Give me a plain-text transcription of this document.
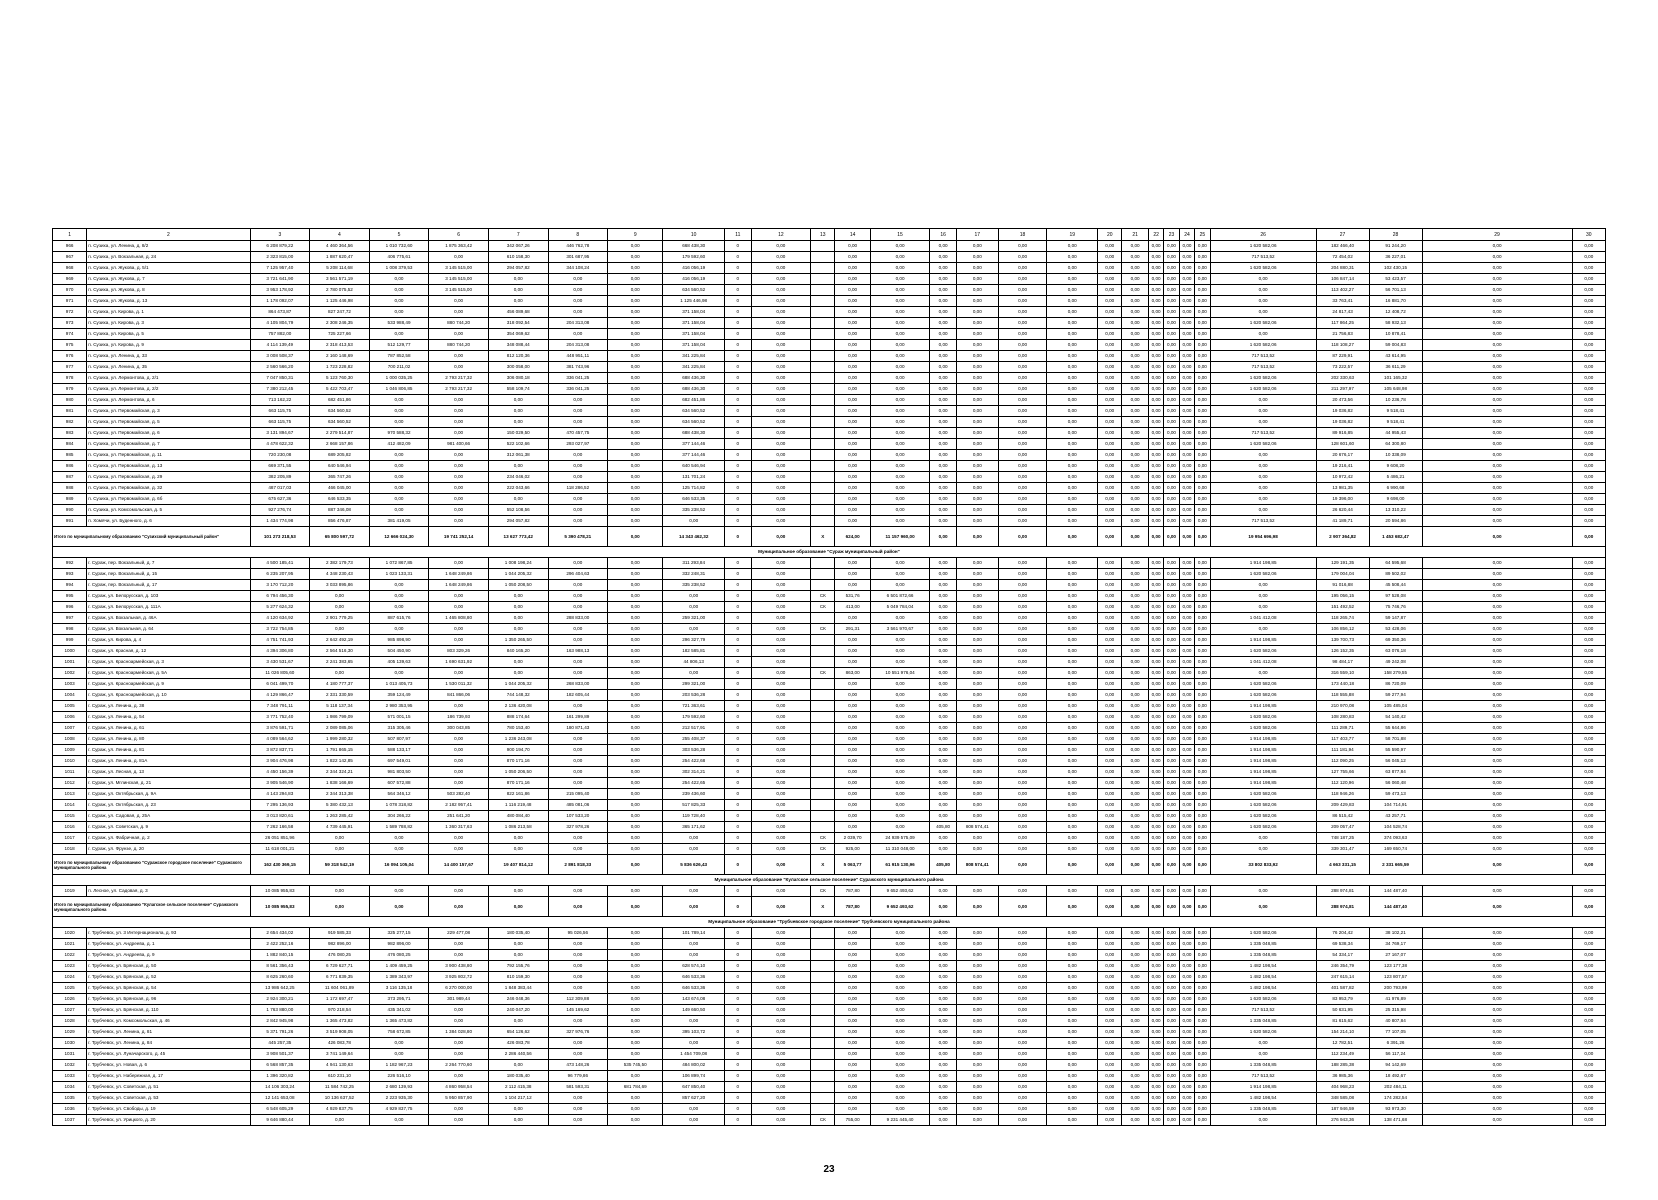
1	2	3	4	5	6	7	8	9	10	11	12	13	14	15	16	17	18	19	20	21	22	23	24	25	26	27	28	29	30
966	п. Сузиха, ул. Ленина, д. 8/2	6 208 879,22	4 460 364,56	1 010 732,60	1 875 363,42	342 067,26	446 762,78	0,00	668 438,30	0	0,00		0,00	0,00	0,00	0,00	0,00	0,00	0,00	0,00	0,00	0,00	0,00	0,00	1 620 582,06	182 466,40	91 244,20	0,00	0,00
967	п. Сузиха, ул. Вокзальная, д. 24	2 323 815,00	1 887 620,47	406 775,61	0,00	610 158,30	301 687,95	0,00	179 592,60	0	0,00		0,00	0,00	0,00	0,00	0,00	0,00	0,00	0,00	0,00	0,00	0,00	0,00	717 513,52	72 454,02	36 227,01	0,00	0,00
968	п. Сузиха, ул. Жукова, д. 5/1	7 125 957,40	5 208 114,68	1 008 379,53	3 145 515,00	294 057,82	344 108,24	0,00	416 056,19	0	0,00		0,00	0,00	0,00	0,00	0,00	0,00	0,00	0,00	0,00	0,00	0,00	0,00	1 620 582,06	204 880,31	102 430,15	0,00	0,00
969	п. Сузиха, ул. Жукова, д. 7	3 721 641,90	3 561 571,19	0,00	3 145 515,00	0,00	0,00	0,00	416 056,19	0	0,00		0,00	0,00	0,00	0,00	0,00	0,00	0,00	0,00	0,00	0,00	0,00	0,00	0,00	106 847,14	53 423,57	0,00	0,00
970	п. Сузиха, ул. Жукова, д. 8	3 953 178,92	2 780 075,52	0,00	3 145 515,00	0,00	0,00	0,00	634 560,52	0	0,00		0,00	0,00	0,00	0,00	0,00	0,00	0,00	0,00	0,00	0,00	0,00	0,00	0,00	113 402,27	56 701,13	0,00	0,00
971	п. Сузиха, ул. Жукова, д. 13	1 178 092,07	1 125 446,98	0,00	0,00	0,00	0,00	0,00	1 125 446,98	0	0,00		0,00	0,00	0,00	0,00	0,00	0,00	0,00	0,00	0,00	0,00	0,00	0,00	0,00	33 763,41	16 881,70	0,00	0,00
972	п. Сузиха, ул. Кирова, д. 1	864 473,87	827 247,72	0,00	0,00	456 089,68	0,00	0,00	371 158,04	0	0,00		0,00	0,00	0,00	0,00	0,00	0,00	0,00	0,00	0,00	0,00	0,00	0,00	0,00	24 817,43	12 408,72	0,00	0,00
973	п. Сузиха, ул. Кирова, д. 3	4 105 804,79	2 308 246,35	533 988,49	880 744,20	318 092,54	204 313,08	0,00	371 158,04	0	0,00		0,00	0,00	0,00	0,00	0,00	0,00	0,00	0,00	0,00	0,00	0,00	0,00	1 620 582,06	117 864,25	58 932,13	0,00	0,00
974	п. Сузиха, ул. Кирова, д. 5	757 882,00	725 227,66	0,00	0,00	354 069,62	0,00	0,00	371 158,04	0	0,00		0,00	0,00	0,00	0,00	0,00	0,00	0,00	0,00	0,00	0,00	0,00	0,00	0,00	21 756,83	10 878,41	0,00	0,00
975	п. Сузиха, ул. Кирова, д. 9	4 114 139,49	2 318 413,53	512 129,77	880 744,20	348 088,44	204 313,08	0,00	371 158,04	0	0,00		0,00	0,00	0,00	0,00	0,00	0,00	0,00	0,00	0,00	0,00	0,00	0,00	1 620 582,06	118 108,27	59 004,83	0,00	0,00
976	п. Сузиха, ул. Ленина, д. 33	3 008 508,37	2 160 148,69	787 852,58	0,00	812 120,36	448 951,11	0,00	341 225,84	0	0,00		0,00	0,00	0,00	0,00	0,00	0,00	0,00	0,00	0,00	0,00	0,00	0,00	717 513,52	87 229,91	43 614,95	0,00	0,00
977	п. Сузиха, ул. Ленина, д. 35	2 560 566,20	1 723 228,82	700 211,02	0,00	300 058,00	381 743,96	0,00	341 225,84	0	0,00		0,00	0,00	0,00	0,00	0,00	0,00	0,00	0,00	0,00	0,00	0,00	0,00	717 513,52	73 222,57	36 611,29	0,00	0,00
978	п. Сузиха, ул. Лермонтова, д. 2/1	7 047 850,31	5 123 760,30	1 000 035,25	2 793 217,32	306 080,18	336 041,25	0,00	688 436,30	0	0,00		0,00	0,00	0,00	0,00	0,00	0,00	0,00	0,00	0,00	0,00	0,00	0,00	1 620 582,06	202 330,63	101 165,32	0,00	0,00
979	п. Сузиха, ул. Лермонтова, д. 2/2	7 380 212,45	5 422 703,47	1 046 806,85	2 793 217,32	558 109,74	336 041,25	0,00	688 436,30	0	0,00		0,00	0,00	0,00	0,00	0,00	0,00	0,00	0,00	0,00	0,00	0,00	0,00	1 620 582,06	211 297,97	105 648,98	0,00	0,00
980	п. Сузиха, ул. Лермонтова, д. 6	713 162,22	682 451,86	0,00	0,00	0,00	0,00	0,00	682 451,86	0	0,00		0,00	0,00	0,00	0,00	0,00	0,00	0,00	0,00	0,00	0,00	0,00	0,00	0,00	20 473,56	10 236,78	0,00	0,00
981	п. Сузиха, ул. Первомайская, д. 3	663 115,75	634 560,52	0,00	0,00	0,00	0,00	0,00	634 560,52	0	0,00		0,00	0,00	0,00	0,00	0,00	0,00	0,00	0,00	0,00	0,00	0,00	0,00	0,00	19 036,82	9 518,41	0,00	0,00
982	п. Сузиха, ул. Первомайская, д. 5	663 115,75	634 560,52	0,00	0,00	0,00	0,00	0,00	634 560,52	0	0,00		0,00	0,00	0,00	0,00	0,00	0,00	0,00	0,00	0,00	0,00	0,00	0,00	0,00	19 036,82	9 518,41	0,00	0,00
983	п. Сузиха, ул. Первомайская, д. 6	3 131 894,67	2 279 514,87	970 588,32	0,00	150 029,50	470 457,75	0,00	688 438,30	0	0,00		0,00	0,00	0,00	0,00	0,00	0,00	0,00	0,00	0,00	0,00	0,00	0,00	717 513,52	89 916,85	44 955,43	0,00	0,00
984	п. Сузиха, ул. Первомайская, д. 7	4 478 622,32	2 668 157,86	412 482,09	981 400,66	522 102,66	293 027,97	0,00	377 144,46	0	0,00		0,00	0,00	0,00	0,00	0,00	0,00	0,00	0,00	0,00	0,00	0,00	0,00	1 620 582,06	128 601,60	64 300,80	0,00	0,00
985	п. Сузиха, ул. Первомайская, д. 11	720 230,08	689 205,82	0,00	0,00	312 061,38	0,00	0,00	377 144,46	0	0,00		0,00	0,00	0,00	0,00	0,00	0,00	0,00	0,00	0,00	0,00	0,00	0,00	0,00	20 676,17	10 338,09	0,00	0,00
986	п. Сузиха, ул. Первомайская, д. 13	669 371,55	640 546,94	0,00	0,00	0,00	0,00	0,00	640 546,94	0	0,00		0,00	0,00	0,00	0,00	0,00	0,00	0,00	0,00	0,00	0,00	0,00	0,00	0,00	19 216,41	9 608,20	0,00	0,00
987	п. Сузиха, ул. Первомайская, д. 29	382 205,89	365 747,26	0,00	0,00	234 046,02	0,00	0,00	131 701,24	0	0,00		0,00	0,00	0,00	0,00	0,00	0,00	0,00	0,00	0,00	0,00	0,00	0,00	0,00	10 972,42	5 486,21	0,00	0,00
988	п. Сузиха, ул. Первомайская, д. 32	487 017,03	466 045,00	0,00	0,00	222 043,66	118 286,52	0,00	125 714,82	0	0,00		0,00	0,00	0,00	0,00	0,00	0,00	0,00	0,00	0,00	0,00	0,00	0,00	0,00	13 981,35	6 990,68	0,00	0,00
989	п. Сузиха, ул. Первомайская, д. 6б	675 627,36	646 533,35	0,00	0,00	0,00	0,00	0,00	646 533,35	0	0,00		0,00	0,00	0,00	0,00	0,00	0,00	0,00	0,00	0,00	0,00	0,00	0,00	0,00	19 396,00	9 698,00	0,00	0,00
990	п. Сузиха, ул. Комсомольская, д. 5	927 276,74	887 346,08	0,00	0,00	552 108,56	0,00	0,00	335 238,52	0	0,00		0,00	0,00	0,00	0,00	0,00	0,00	0,00	0,00	0,00	0,00	0,00	0,00	0,00	26 620,44	13 310,22	0,00	0,00
991	п. Хомячи, ул. Буденного, д. 6	1 434 774,98	856 476,87	381 419,05	0,00	294 057,82	0,00	0,00	0,00	0	0,00		0,00	0,00	0,00	0,00	0,00	0,00	0,00	0,00	0,00	0,00	0,00	0,00	717 513,52	41 189,71	20 594,86	0,00	0,00
Итого по муниципальному образованию "Сузихский муниципальный район"		101 273 218,53	65 800 597,72	12 666 024,30	19 741 252,14	13 627 773,42	5 390 478,21	0,00	14 343 462,32	0	0,00	X	624,00	11 157 960,00	0,00	0,00	0,00	0,00	0,00	0,00	0,00	0,00	0,00	0,00	19 954 696,98	2 907 364,82	1 453 682,47	0,00	0,00
Муниципальное образование "Сураж муниципальный район"																													
992	г. Сураж, пер. Вокзальный, д. 7	4 500 185,41	2 382 179,73	1 072 867,85	0,00	1 008 198,24	0,00	0,00	311 293,84	0	0,00		0,00	0,00	0,00	0,00	0,00	0,00	0,00	0,00	0,00	0,00	0,00	0,00	1 914 198,85	129 191,35	64 595,68	0,00	0,00
993	г. Сураж, пер. Вокзальный, д. 15	6 235 207,95	4 348 230,43	1 023 133,31	1 648 249,86	1 044 205,32	296 404,63	0,00	332 248,31	0	0,00		0,00	0,00	0,00	0,00	0,00	0,00	0,00	0,00	0,00	0,00	0,00	0,00	1 620 582,06	179 004,04	89 502,02	0,00	0,00
994	г. Сураж, пер. Вокзальный, д. 17	3 170 712,20	3 033 895,86	0,00	1 648 249,86	1 050 208,50	0,00	0,00	335 238,52	0	0,00		0,00	0,00	0,00	0,00	0,00	0,00	0,00	0,00	0,00	0,00	0,00	0,00	0,00	91 016,88	45 508,44	0,00	0,00
995	г. Сураж, ул. Белорусская, д. 103	6 794 456,30	0,00	0,00	0,00	0,00	0,00	0,00	0,00	0	0,00	СК	531,76	6 501 872,66	0,00	0,00	0,00	0,00	0,00	0,00	0,00	0,00	0,00	0,00	0,00	195 056,15	97 528,08	0,00	0,00
996	г. Сураж, ул. Белорусская, д. 111А	5 277 624,32	0,00	0,00	0,00	0,00	0,00	0,00	0,00	0	0,00	СК	413,00	5 049 784,04	0,00	0,00	0,00	0,00	0,00	0,00	0,00	0,00	0,00	0,00	0,00	151 492,52	75 746,76	0,00	0,00
997	г. Сураж, ул. Вокзальная, д. 46А	4 120 634,92	2 901 779,25	887 615,76	1 465 808,80	0,00	288 833,00	0,00	259 321,00	0	0,00		0,00	0,00	0,00	0,00	0,00	0,00	0,00	0,00	0,00	0,00	0,00	0,00	1 041 412,08	118 265,74	59 147,87	0,00	0,00
998	г. Сураж, ул. Вокзальная, д. 64	3 722 754,85	0,00	0,00	0,00	0,00	0,00	0,00	0,00	0	0,00	СК	291,31	3 561 970,67	0,00	0,00	0,00	0,00	0,00	0,00	0,00	0,00	0,00	0,00	0,00	106 856,12	53 428,06	0,00	0,00
999	г. Сураж, ул. Кирова, д. 4	4 751 741,93	2 642 492,19	985 898,90	0,00	1 350 265,50	0,00	0,00	296 327,79	0	0,00		0,00	0,00	0,00	0,00	0,00	0,00	0,00	0,00	0,00	0,00	0,00	0,00	1 914 198,85	139 700,73	69 350,36	0,00	0,00
1000	г. Сураж, ул. Красная, д. 12	4 394 306,80	2 564 516,30	504 450,90	803 329,26	840 165,20	163 988,13	0,00	182 585,81	0	0,00		0,00	0,00	0,00	0,00	0,00	0,00	0,00	0,00	0,00	0,00	0,00	0,00	1 620 582,06	126 152,35	63 076,18	0,00	0,00
1001	г. Сураж, ул. Красноармейская, д. 3	3 430 531,67	2 241 383,65	405 139,63	1 690 631,92	0,00	0,00	0,00	44 806,13	0	0,00		0,00	0,00	0,00	0,00	0,00	0,00	0,00	0,00	0,00	0,00	0,00	0,00	1 041 412,08	98 484,17	49 242,08	0,00	0,00
1002	г. Сураж, ул. Красноармейская, д. 5А	11 026 805,60	0,00	0,00	0,00	0,00	0,00	0,00	0,00	0	0,00	СК	863,00	10 551 976,04	0,00	0,00	0,00	0,00	0,00	0,00	0,00	0,00	0,00	0,00	0,00	316 559,10	158 279,55	0,00	0,00
1003	г. Сураж, ул. Красноармейская, д. 9	6 041 499,70	4 180 777,37	1 013 405,73	1 530 011,32	1 044 205,32	268 833,00	0,00	299 321,00	0	0,00		0,00	0,00	0,00	0,00	0,00	0,00	0,00	0,00	0,00	0,00	0,00	0,00	1 620 582,06	173 440,18	86 720,09	0,00	0,00
1004	г. Сураж, ул. Красноармейская, д. 10	4 129 866,47	2 331 330,59	359 124,49	841 866,06	744 148,32	182 605,44	0,00	203 536,28	0	0,00		0,00	0,00	0,00	0,00	0,00	0,00	0,00	0,00	0,00	0,00	0,00	0,00	1 620 582,06	118 555,88	59 277,94	0,00	0,00
1005	г. Сураж, ул. Ленина, д. 38	7 348 791,11	5 118 137,34	2 980 353,95	0,00	2 136 420,08	0,00	0,00	721 363,61	0	0,00		0,00	0,00	0,00	0,00	0,00	0,00	0,00	0,00	0,00	0,00	0,00	0,00	1 914 198,85	210 970,08	105 485,04	0,00	0,00
1006	г. Сураж, ул. Ленина, д. 54	3 771 752,40	1 986 799,09	571 001,15	186 739,93	888 174,64	161 299,89	0,00	179 592,60	0	0,00		0,00	0,00	0,00	0,00	0,00	0,00	0,00	0,00	0,00	0,00	0,00	0,00	1 620 582,06	108 280,83	54 140,42	0,00	0,00
1007	г. Сураж, ул. Ленина, д. 61	3 876 591,71	2 089 085,06	315 305,46	300 043,85	780 153,40	180 871,43	0,00	212 517,91	0	0,00		0,00	0,00	0,00	0,00	0,00	0,00	0,00	0,00	0,00	0,00	0,00	0,00	1 620 582,06	111 289,71	55 644,86	0,00	0,00
1008	г. Сураж, ул. Ленина, д. 80	4 089 564,62	1 999 280,32	507 807,97	0,00	1 236 243,08	0,00	0,00	255 408,37	0	0,00		0,00	0,00	0,00	0,00	0,00	0,00	0,00	0,00	0,00	0,00	0,00	0,00	1 914 198,85	117 403,77	58 701,88	0,00	0,00
1009	г. Сураж, ул. Ленина, д. 81	3 872 837,71	1 791 865,15	588 133,17	0,00	900 194,70	0,00	0,00	303 536,28	0	0,00		0,00	0,00	0,00	0,00	0,00	0,00	0,00	0,00	0,00	0,00	0,00	0,00	1 914 198,85	111 181,94	55 590,97	0,00	0,00
1010	г. Сураж, ул. Ленина, д. 81А	3 904 476,98	1 822 142,85	697 549,01	0,00	870 171,16	0,00	0,00	254 422,68	0	0,00		0,00	0,00	0,00	0,00	0,00	0,00	0,00	0,00	0,00	0,00	0,00	0,00	1 914 198,85	112 090,25	56 045,12	0,00	0,00
1011	г. Сураж, ул. Лесная, д. 13	4 450 156,39	2 344 324,21	981 803,50	0,00	1 050 206,50	0,00	0,00	302 314,21	0	0,00		0,00	0,00	0,00	0,00	0,00	0,00	0,00	0,00	0,00	0,00	0,00	0,00	1 914 198,85	127 755,66	63 877,84	0,00	0,00
1012	г. Сураж, ул. Мглинская, д. 21	3 905 546,90	1 838 166,69	607 572,88	0,00	870 171,16	0,00	0,00	254 422,65	0	0,00		0,00	0,00	0,00	0,00	0,00	0,00	0,00	0,00	0,00	0,00	0,00	0,00	1 914 198,85	112 120,96	56 060,48	0,00	0,00
1013	г. Сураж, ул. Октябрьская, д. 9А	4 143 294,83	2 344 313,38	564 346,12	503 282,40	822 161,86	215 095,40	0,00	239 436,60	0	0,00		0,00	0,00	0,00	0,00	0,00	0,00	0,00	0,00	0,00	0,00	0,00	0,00	1 620 582,06	118 946,26	59 473,13	0,00	0,00
1014	г. Сураж, ул. Октябрьская, д. 23	7 295 136,93	5 380 432,13	1 078 318,82	2 182 957,41	1 116 219,48	485 081,06	0,00	517 825,33	0	0,00		0,00	0,00	0,00	0,00	0,00	0,00	0,00	0,00	0,00	0,00	0,00	0,00	1 620 582,06	209 429,83	104 714,91	0,00	0,00
1015	г. Сураж, ул. Садовая, д. 25А	3 013 820,61	1 263 285,42	304 266,22	251 641,20	480 084,40	107 533,20	0,00	119 728,40	0	0,00		0,00	0,00	0,00	0,00	0,00	0,00	0,00	0,00	0,00	0,00	0,00	0,00	1 620 582,06	86 515,42	43 257,71	0,00	0,00
1016	г. Сураж, ул. Советская, д. 9	7 262 166,58	4 739 445,91	1 589 788,82	1 360 317,63	1 086 213,58	327 978,26	0,00	365 171,62	0	0,00		0,00	0,00	405,80	808 574,41	0,00	0,00	0,00	0,00	0,00	0,00	0,00	0,00	1 620 582,06	209 057,47	104 528,74	0,00	0,00
1017	г. Сураж, ул. Фабричная, д. 2	26 051 851,96	0,00	0,00	0,00	0,00	0,00	0,00	0,00	0	0,00	СК	2 039,70	24 939 575,09	0,00	0,00	0,00	0,00	0,00	0,00	0,00	0,00	0,00	0,00	0,00	748 187,25	374 093,63	0,00	0,00
1018	г. Сураж, ул. Фрунзе, д. 20	11 618 001,21	0,00	0,00	0,00	0,00	0,00	0,00	0,00	0	0,00	СК	925,00	11 310 048,00	0,00	0,00	0,00	0,00	0,00	0,00	0,00	0,00	0,00	0,00	0,00	339 301,47	169 650,74	0,00	0,00
Итого по муниципальному образованию "Суражское городское поселение" Суражского муниципального района		162 430 369,15	59 318 542,19	16 094 105,04	14 400 157,67	19 407 814,12	2 891 818,33	0,00	5 836 626,43	0	0,00	X	5 063,77	61 915 130,96	405,80	808 574,41	0,00	0,00	0,00	0,00	0,00	0,00	0,00	0,00	33 802 833,92	4 663 331,15	2 331 665,59	0,00	0,00
Муниципальное образование "Кулагское сельское поселение" Суражского муниципального района																													
1019	п. Лесное, ул. Садовая, д. 3	10 085 955,83	0,00	0,00	0,00	0,00	0,00	0,00	0,00	0	0,00	СК	787,80	9 652 493,62	0,00	0,00	0,00	0,00	0,00	0,00	0,00	0,00	0,00	0,00	0,00	288 974,81	144 487,40	0,00	0,00
Итого по муниципальному образованию "Кулагское сельское поселение" Суражского муниципального района		10 085 955,83	0,00	0,00	0,00	0,00	0,00	0,00	0,00	0	0,00	X	787,80	9 652 493,62	0,00	0,00	0,00	0,00	0,00	0,00	0,00	0,00	0,00	0,00	0,00	288 974,81	144 487,40	0,00	0,00
Муниципальное образование "Трубчевское городское поселение" Трубчевского муниципального района																													
1020	г. Трубчевск, ул. 3 Интернационала, д. 93	2 654 434,02	919 585,33	325 277,15	229 477,08	180 035,40	95 026,56	0,00	101 789,14	0	0,00		0,00	0,00	0,00	0,00	0,00	0,00	0,00	0,00	0,00	0,00	0,00	0,00	1 620 582,06	76 204,42	38 102,21	0,00	0,00
1021	г. Трубчевск, ул. Андреева, д. 1	2 422 252,16	982 896,00	982 896,00	0,00	0,00	0,00	0,00	0,00	0	0,00		0,00	0,00	0,00	0,00	0,00	0,00	0,00	0,00	0,00	0,00	0,00	0,00	1 335 048,85	69 538,34	34 769,17	0,00	0,00
1022	г. Трубчевск, ул. Андреева, д. 9	1 882 840,15	476 080,25	476 080,25	0,00	0,00	0,00	0,00	0,00	0	0,00		0,00	0,00	0,00	0,00	0,00	0,00	0,00	0,00	0,00	0,00	0,00	0,00	1 335 048,85	54 334,17	27 167,07	0,00	0,00
1023	г. Трубчевск, ул. Брянская, д. 50	8 561 356,43	6 729 627,71	1 409 459,25	3 900 438,80	792 155,76	0,00	0,00	628 574,10	0	0,00		0,00	0,00	0,00	0,00	0,00	0,00	0,00	0,00	0,00	0,00	0,00	0,00	1 482 198,54	246 354,79	123 177,38	0,00	0,00
1024	г. Трубчевск, ул. Брянская, д. 52	8 625 260,60	6 771 839,35	1 389 343,97	3 925 802,72	810 159,30	0,00	0,00	646 533,36	0	0,00		0,00	0,00	0,00	0,00	0,00	0,00	0,00	0,00	0,00	0,00	0,00	0,00	1 482 198,54	247 615,14	123 807,57	0,00	0,00
1025	г. Трубчевск, ул. Брянская, д. 54	13 986 642,25	11 604 061,89	3 116 135,18	6 270 000,00	1 848 383,44	0,00	0,00	646 533,36	0	0,00		0,00	0,00	0,00	0,00	0,00	0,00	0,00	0,00	0,00	0,00	0,00	0,00	1 482 198,54	401 587,82	200 793,99	0,00	0,00
1026	г. Трубчевск, ул. Брянская, д. 96	2 924 300,21	1 172 697,47	373 295,71	301 989,44	246 048,36	112 309,88	0,00	143 674,08	0	0,00		0,00	0,00	0,00	0,00	0,00	0,00	0,00	0,00	0,00	0,00	0,00	0,00	1 620 582,06	83 953,79	41 976,89	0,00	0,00
1027	г. Трубчевск, ул. Брянская, д. 110	1 763 880,00	970 218,54	435 341,02	0,00	240 047,20	145 169,62	0,00	149 660,50	0	0,00		0,00	0,00	0,00	0,00	0,00	0,00	0,00	0,00	0,00	0,00	0,00	0,00	717 513,52	50 631,95	25 315,98	0,00	0,00
1028	г. Трубчевск, ул. Комсомольская, д. 46	2 842 945,98	1 365 473,82	1 365 473,82	0,00	0,00	0,00	0,00	0,00	0	0,00		0,00	0,00	0,00	0,00	0,00	0,00	0,00	0,00	0,00	0,00	0,00	0,00	1 335 048,85	81 615,62	40 807,84	0,00	0,00
1029	г. Трубчевск, ул. Ленина, д. 81	5 371 791,26	3 519 908,05	758 672,85	1 384 028,80	654 126,62	327 976,76	0,00	395 103,72	0	0,00		0,00	0,00	0,00	0,00	0,00	0,00	0,00	0,00	0,00	0,00	0,00	0,00	1 620 582,06	154 214,10	77 107,05	0,00	0,00
1030	г. Трубчевск, ул. Ленина, д. 84	445 257,35	426 083,78	0,00	0,00	426 083,78	0,00	0,00	0,00	0	0,00		0,00	0,00	0,00	0,00	0,00	0,00	0,00	0,00	0,00	0,00	0,00	0,00	0,00	12 782,51	6 391,26	0,00	0,00
1031	г. Трубчевск, ул. Луначарского, д. 45	3 908 501,37	3 741 149,64	0,00	0,00	2 286 440,56	0,00	0,00	1 454 709,08	0	0,00		0,00	0,00	0,00	0,00	0,00	0,00	0,00	0,00	0,00	0,00	0,00	0,00	0,00	112 234,49	56 117,24	0,00	0,00
1032	г. Трубчевск, ул. Новая, д. 6	6 568 857,35	4 941 130,63	1 182 967,23	2 264 770,60	0,00	473 148,26	535 745,50	484 800,02	0	0,00		0,00	0,00	0,00	0,00	0,00	0,00	0,00	0,00	0,00	0,00	0,00	0,00	1 335 048,85	188 285,38	94 142,69	0,00	0,00
1033	г. Трубчевск, ул. Набережная, д. 17	1 396 320,82	610 231,10	226 516,10	0,00	180 035,40	96 779,86	0,00	106 899,74	0	0,00		0,00	0,00	0,00	0,00	0,00	0,00	0,00	0,00	0,00	0,00	0,00	0,00	717 513,52	36 985,36	18 492,67	0,00	0,00
1034	г. Трубчевск, ул. Советская, д. 51	14 106 303,24	11 584 742,25	2 680 139,93	4 860 958,54	2 112 415,38	581 593,31	681 784,69	647 850,40	0	0,00		0,00	0,00	0,00	0,00	0,00	0,00	0,00	0,00	0,00	0,00	0,00	0,00	1 914 198,85	404 968,23	202 484,11	0,00	0,00
1035	г. Трубчевск, ул. Советская, д. 53	12 141 653,08	10 136 637,52	2 223 935,30	5 950 857,90	1 104 217,12	0,00	0,00	857 627,20	0	0,00		0,00	0,00	0,00	0,00	0,00	0,00	0,00	0,00	0,00	0,00	0,00	0,00	1 482 198,54	348 585,08	174 282,54	0,00	0,00
1036	г. Трубчевск, ул. Свободы, д. 19	6 548 605,29	4 929 837,75	4 929 837,75	0,00	0,00	0,00	0,00	0,00	0	0,00		0,00	0,00	0,00	0,00	0,00	0,00	0,00	0,00	0,00	0,00	0,00	0,00	1 335 048,85	187 946,59	93 973,30	0,00	0,00
1037	г. Трубчевск, ул. Урицкого, д. 20	9 646 880,44	0,00	0,00	0,00	0,00	0,00	0,00	0,00	0	0,00	СК	755,00	9 231 445,40	0,00	0,00	0,00	0,00	0,00	0,00	0,00	0,00	0,00	0,00	0,00	276 943,36	138 471,68	0,00	0,00
23
